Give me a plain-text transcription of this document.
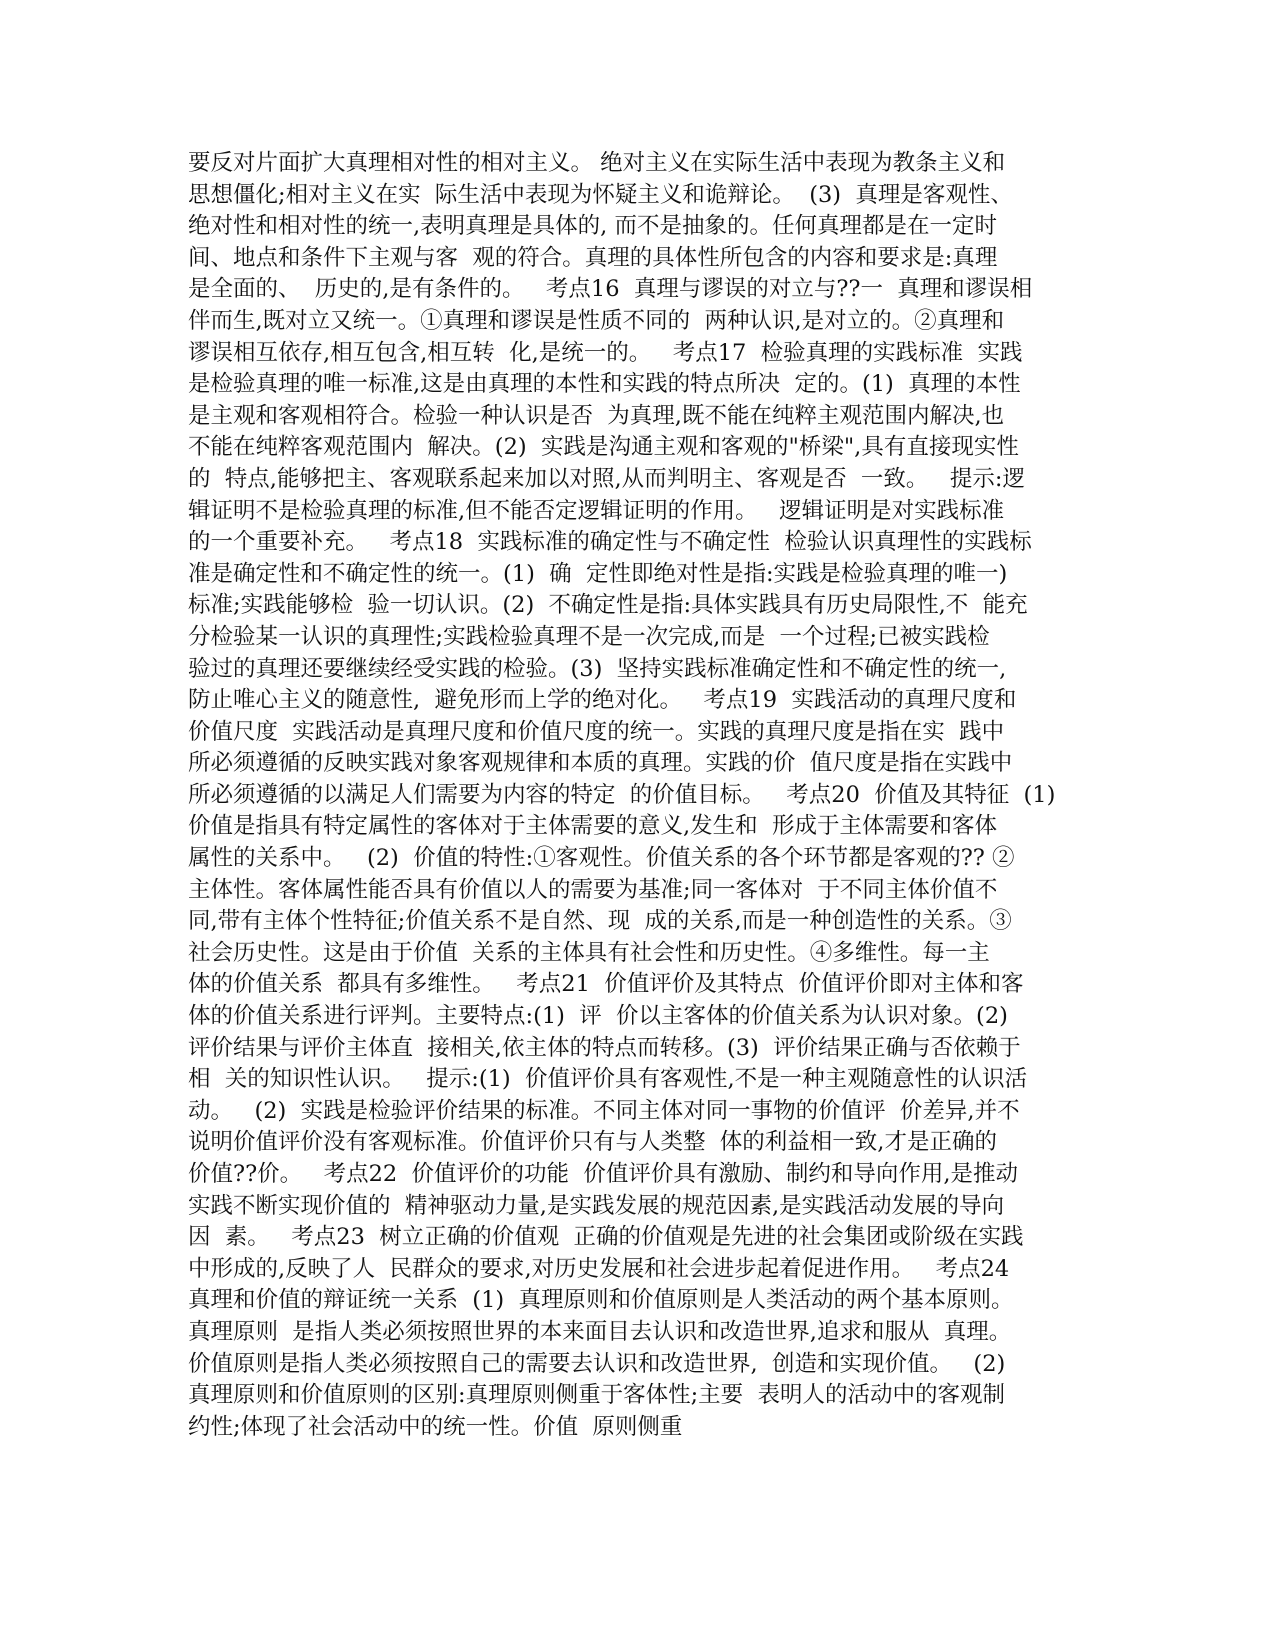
要反对片面扩大真理相对性的相对主义。 绝对主义在实际生活中表现为教条主义和
思想僵化;相对主义在实  际生活中表现为怀疑主义和诡辩论。  (3)  真理是客观性、
绝对性和相对性的统一,表明真理是具体的, 而不是抽象的。任何真理都是在一定时
间、地点和条件下主观与客  观的符合。真理的具体性所包含的内容和要求是:真理
是全面的、  历史的,是有条件的。   考点16  真理与谬误的对立与??一  真理和谬误相
伴而生,既对立又统一。①真理和谬误是性质不同的  两种认识,是对立的。②真理和
谬误相互依存,相互包含,相互转  化,是统一的。   考点17  检验真理的实践标准  实践
是检验真理的唯一标准,这是由真理的本性和实践的特点所决  定的。(1)  真理的本性
是主观和客观相符合。检验一种认识是否  为真理,既不能在纯粹主观范围内解决,也
不能在纯粹客观范围内  解决。(2)  实践是沟通主观和客观的"桥梁",具有直接现实性
的  特点,能够把主、客观联系起来加以对照,从而判明主、客观是否  一致。   提示:逻
辑证明不是检验真理的标准,但不能否定逻辑证明的作用。   逻辑证明是对实践标准
的一个重要补充。   考点18  实践标准的确定性与不确定性  检验认识真理性的实践标
准是确定性和不确定性的统一。(1)  确  定性即绝对性是指:实践是检验真理的唯一)
标准;实践能够检  验一切认识。(2)  不确定性是指:具体实践具有历史局限性,不  能充
分检验某一认识的真理性;实践检验真理不是一次完成,而是  一个过程;已被实践检
验过的真理还要继续经受实践的检验。(3)  坚持实践标准确定性和不确定性的统一,
防止唯心主义的随意性,  避免形而上学的绝对化。   考点19  实践活动的真理尺度和
价值尺度  实践活动是真理尺度和价值尺度的统一。实践的真理尺度是指在实  践中
所必须遵循的反映实践对象客观规律和本质的真理。实践的价  值尺度是指在实践中
所必须遵循的以满足人们需要为内容的特定  的价值目标。   考点20  价值及其特征  (1)
价值是指具有特定属性的客体对于主体需要的意义,发生和  形成于主体需要和客体
属性的关系中。   (2)  价值的特性:①客观性。价值关系的各个环节都是客观的?? ②
主体性。客体属性能否具有价值以人的需要为基准;同一客体对  于不同主体价值不
同,带有主体个性特征;价值关系不是自然、现  成的关系,而是一种创造性的关系。③
社会历史性。这是由于价值  关系的主体具有社会性和历史性。④多维性。每一主
体的价值关系  都具有多维性。   考点21  价值评价及其特点  价值评价即对主体和客
体的价值关系进行评判。主要特点:(1)  评  价以主客体的价值关系为认识对象。(2)
评价结果与评价主体直  接相关,依主体的特点而转移。(3)  评价结果正确与否依赖于
相  关的知识性认识。   提示:(1)  价值评价具有客观性,不是一种主观随意性的认识活
动。   (2)  实践是检验评价结果的标准。不同主体对同一事物的价值评  价差异,并不
说明价值评价没有客观标准。价值评价只有与人类整  体的利益相一致,才是正确的
价值??价。   考点22  价值评价的功能  价值评价具有激励、制约和导向作用,是推动
实践不断实现价值的  精神驱动力量,是实践发展的规范因素,是实践活动发展的导向
因  素。   考点23  树立正确的价值观  正确的价值观是先进的社会集团或阶级在实践
中形成的,反映了人  民群众的要求,对历史发展和社会进步起着促进作用。   考点24
真理和价值的辩证统一关系  (1)  真理原则和价值原则是人类活动的两个基本原则。
真理原则  是指人类必须按照世界的本来面目去认识和改造世界,追求和服从  真理。
价值原则是指人类必须按照自己的需要去认识和改造世界,  创造和实现价值。   (2)
真理原则和价值原则的区别:真理原则侧重于客体性;主要  表明人的活动中的客观制
约性;体现了社会活动中的统一性。价值  原则侧重
